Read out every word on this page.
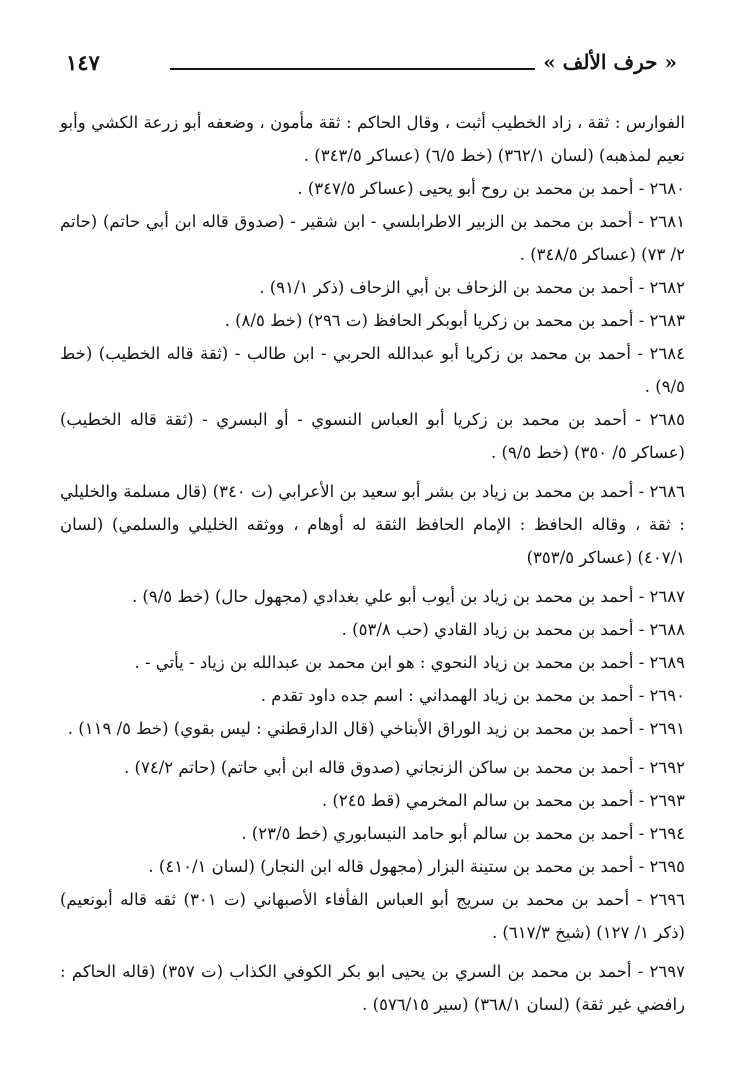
« حرف الألف »
١٤٧

الفوارس : ثقة ، زاد الخطيب أثبت ، وقال الحاكم : ثقة مأمون ، وضعفه أبو زرعة الكشي وأبو نعيم لمذهبه) (لسان ٣٦٢/١) (خط ٦/٥) (عساكر ٣٤٣/٥) .

٢٦٨٠ - أحمد بن محمد بن روح أبو يحيى (عساكر ٣٤٧/٥) .

٢٦٨١ - أحمد بن محمد بن الزبير الاطرابلسي - ابن شقير - (صدوق قاله ابن أبي حاتم) (حاتم ٢/ ٧٣) (عساكر ٣٤٨/٥) .

٢٦٨٢ - أحمد بن محمد بن الزحاف بن أبي الزحاف (ذكر ٩١/١) .

٢٦٨٣ - أحمد بن محمد بن زكريا أبوبكر الحافظ (ت ٢٩٦) (خط ٨/٥) .

٢٦٨٤ - أحمد بن محمد بن زكريا أبو عبدالله الحربي - ابن طالب - (ثقة قاله الخطيب) (خط ٩/٥) .

٢٦٨٥ - أحمد بن محمد بن زكريا أبو العباس النسوي - أو البسري - (ثقة قاله الخطيب) (عساكر ٥/ ٣٥٠) (خط ٩/٥) .

٢٦٨٦ - أحمد بن محمد بن زياد بن بشر أبو سعيد بن الأعرابي (ت ٣٤٠) (قال مسلمة والخليلي : ثقة ، وقاله الحافظ : الإمام الحافظ الثقة له أوهام ، ووثقه الخليلي والسلمي) (لسان ٤٠٧/١) (عساكر ٣٥٣/٥)

٢٦٨٧ - أحمد بن محمد بن زياد بن أيوب أبو علي بغدادي (مجهول حال) (خط ٩/٥) .

٢٦٨٨ - أحمد بن محمد بن زياد القادي (حب ٥٣/٨) .

٢٦٨٩ - أحمد بن محمد بن زياد النحوي : هو ابن محمد بن عبدالله بن زياد - يأتي - .

٢٦٩٠ - أحمد بن محمد بن زياد الهمداني : اسم جده داود تقدم .

٢٦٩١ - أحمد بن محمد بن زيد الوراق الأبناخي (قال الدارقطني : ليس بقوي) (خط ٥/ ١١٩) .

٢٦٩٢ - أحمد بن محمد بن ساكن الزنجاني (صدوق قاله ابن أبي حاتم) (حاتم ٧٤/٢) .

٢٦٩٣ - أحمد بن محمد بن سالم المخرمي (قط ٢٤٥) .

٢٦٩٤ - أحمد بن محمد بن سالم أبو حامد النيسابوري (خط ٢٣/٥) .

٢٦٩٥ - أحمد بن محمد بن ستينة البزار (مجهول قاله ابن النجار) (لسان ٤١٠/١) .

٢٦٩٦ - أحمد بن محمد بن سريج أبو العباس الفأفاء الأصبهاني (ت ٣٠١) ثقه قاله أبونعيم) (ذكر ١/ ١٢٧) (شيخ ٦١٧/٣) .

٢٦٩٧ - أحمد بن محمد بن السري بن يحيى ابو بكر الكوفي الكذاب (ت ٣٥٧) (قاله الحاكم : رافضي غير ثقة) (لسان ٣٦٨/١) (سير ٥٧٦/١٥) .
